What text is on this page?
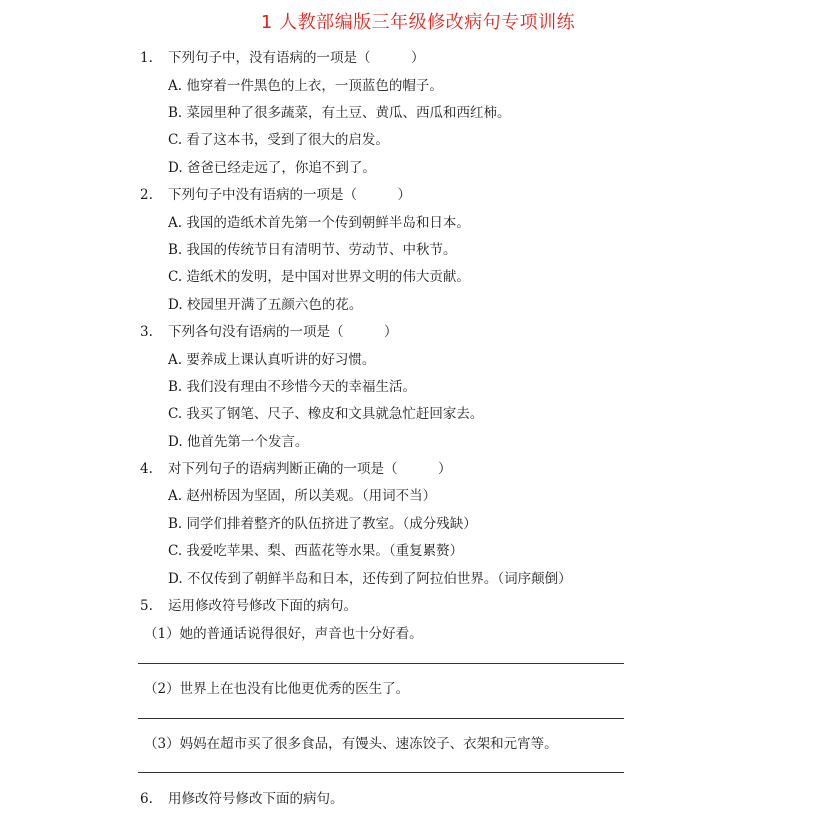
1 人教部编版三年级修改病句专项训练
1. 下列句子中，没有语病的一项是（　　　）
A. 他穿着一件黑色的上衣，一顶蓝色的帽子。
B. 菜园里种了很多蔬菜，有土豆、黄瓜、西瓜和西红柿。
C. 看了这本书，受到了很大的启发。
D. 爸爸已经走远了，你追不到了。
2. 下列句子中没有语病的一项是（　　　）
A. 我国的造纸术首先第一个传到朝鲜半岛和日本。
B. 我国的传统节日有清明节、劳动节、中秋节。
C. 造纸术的发明，是中国对世界文明的伟大贡献。
D. 校园里开满了五颜六色的花。
3. 下列各句没有语病的一项是（　　　）
A. 要养成上课认真听讲的好习惯。
B. 我们没有理由不珍惜今天的幸福生活。
C. 我买了钢笔、尺子、橡皮和文具就急忙赶回家去。
D. 他首先第一个发言。
4. 对下列句子的语病判断正确的一项是（　　　）
A. 赵州桥因为坚固，所以美观。（用词不当）
B. 同学们排着整齐的队伍挤进了教室。（成分残缺）
C. 我爱吃苹果、梨、西蓝花等水果。（重复累赘）
D. 不仅传到了朝鲜半岛和日本，还传到了阿拉伯世界。（词序颠倒）
5. 运用修改符号修改下面的病句。
（1）她的普通话说得很好，声音也十分好看。
（2）世界上在也没有比他更优秀的医生了。
（3）妈妈在超市买了很多食品，有馒头、速冻饺子、衣架和元宵等。
6. 用修改符号修改下面的病句。
